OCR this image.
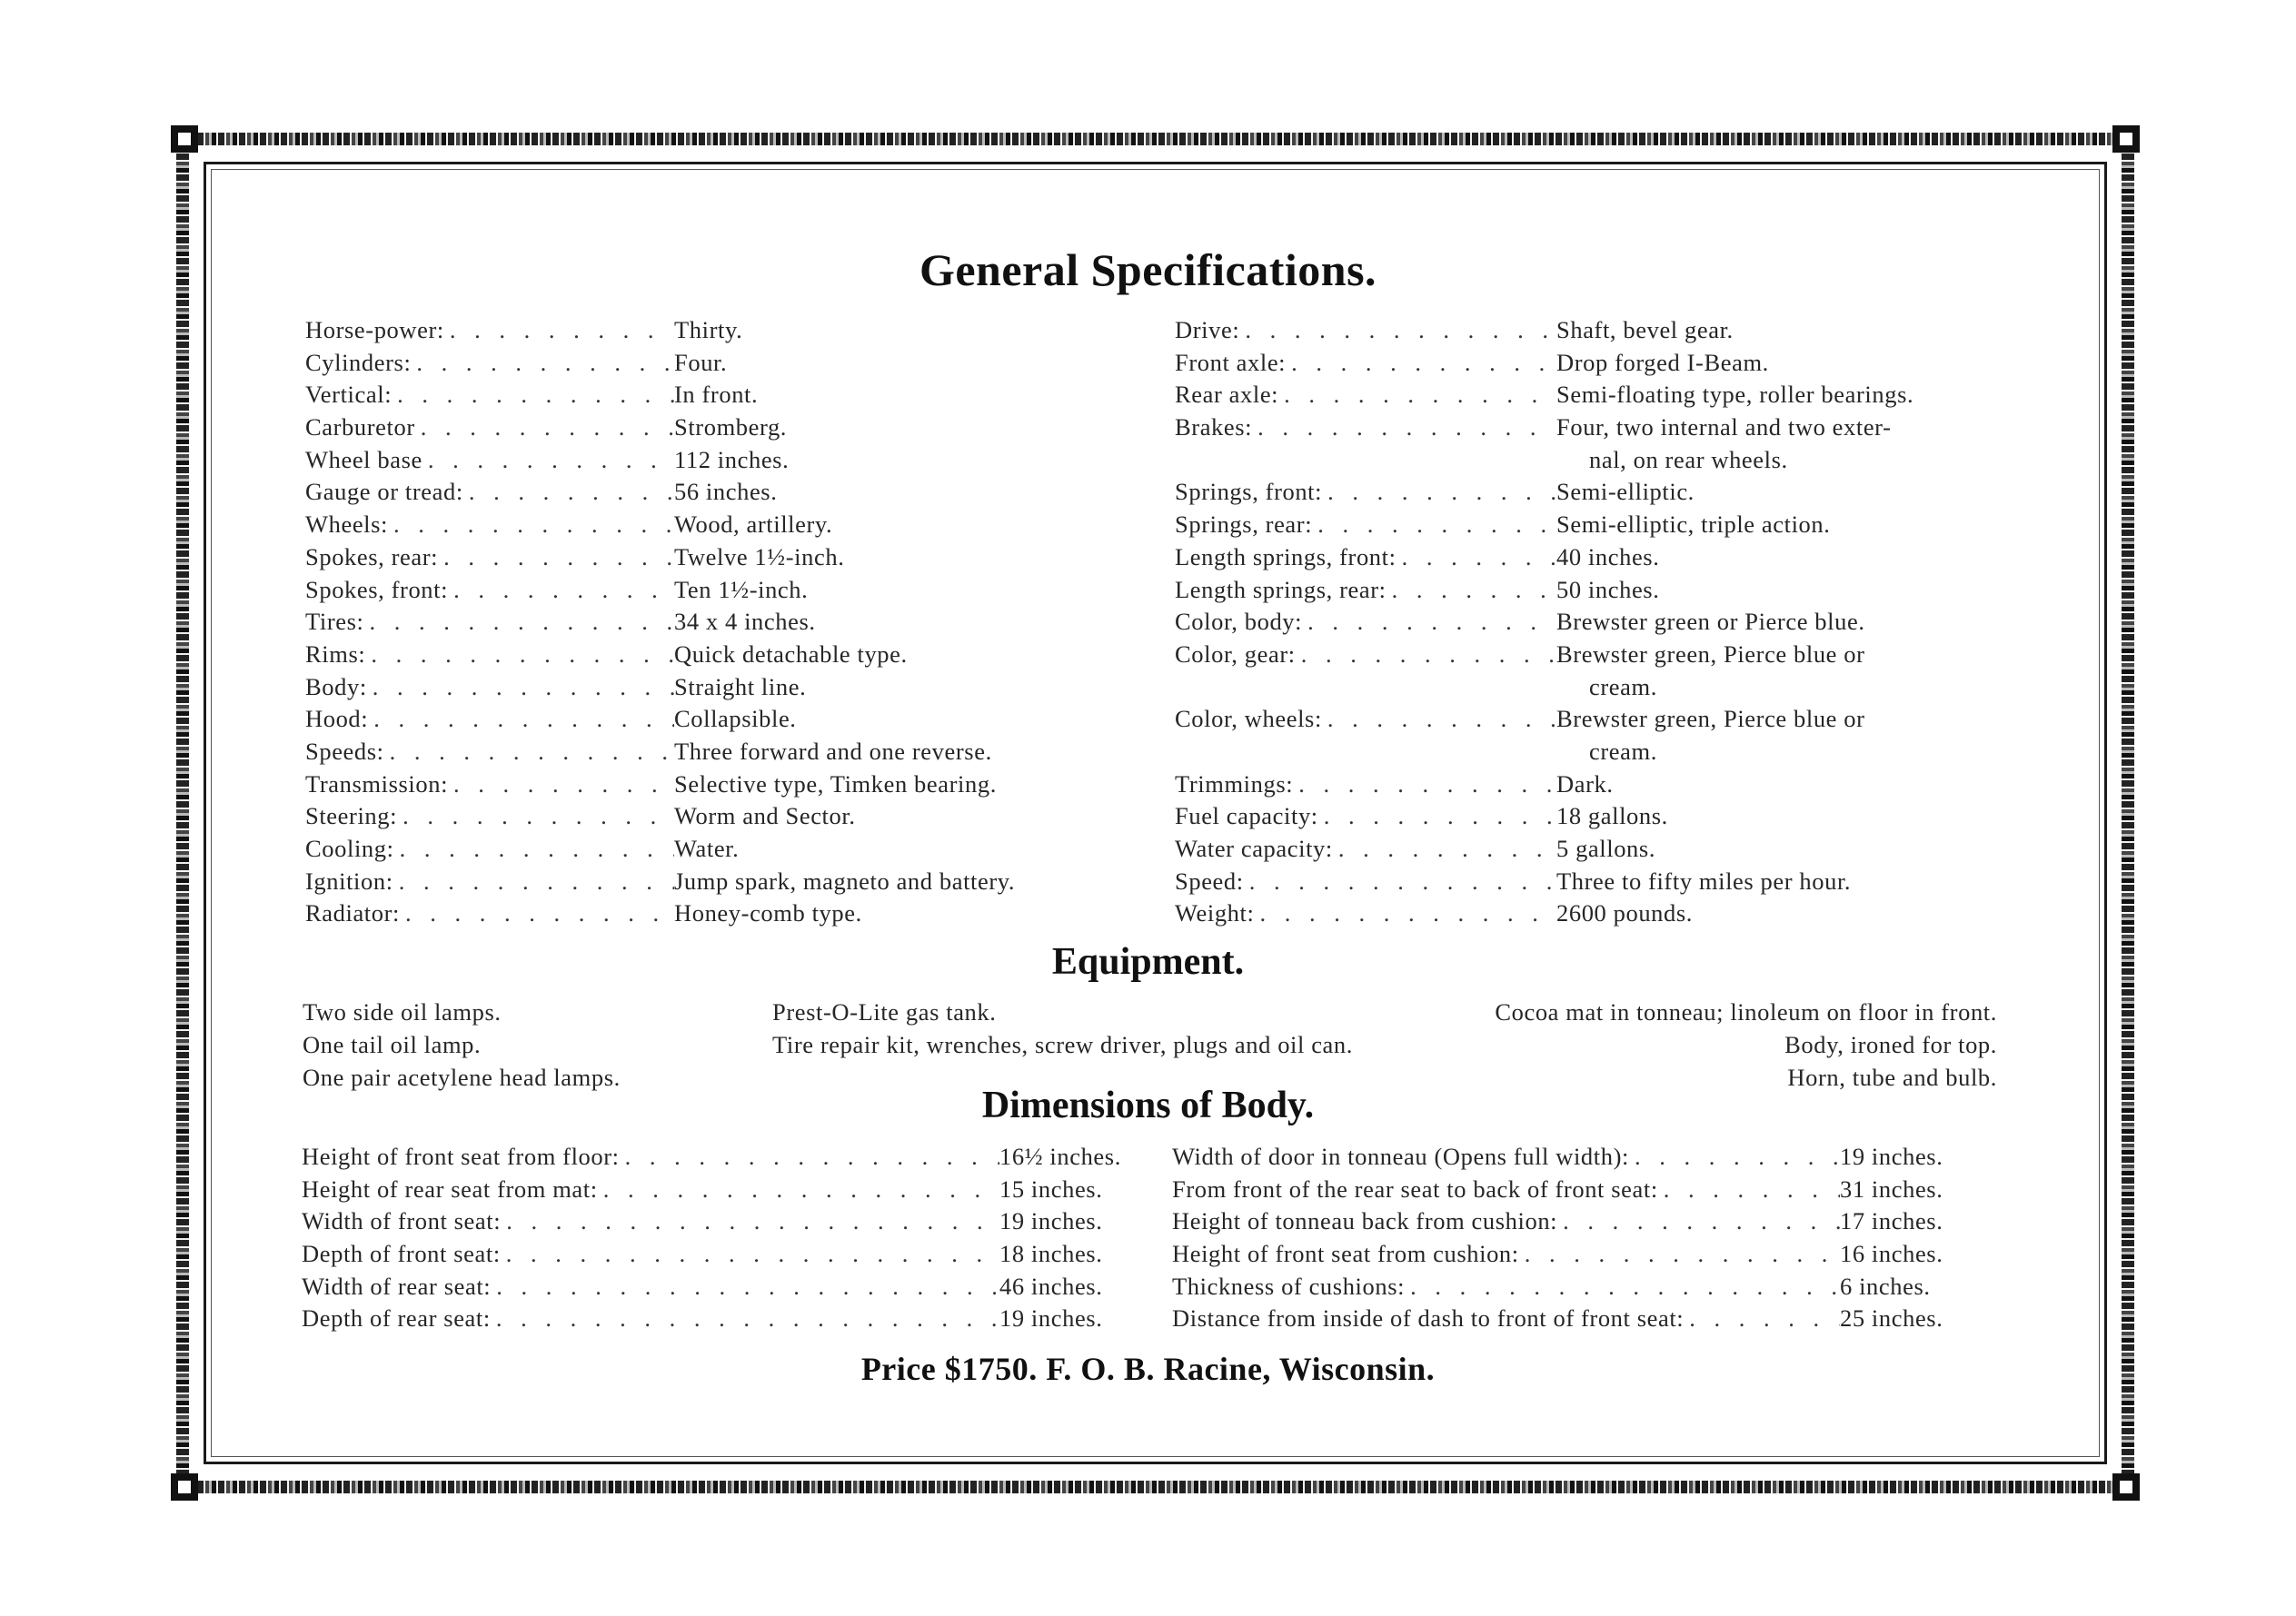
General Specifications.
Horse-power: . . .	Thirty.
Cylinders: . . .	Four.
Vertical: . . .	In front.
Carburetor . . .	Stromberg.
Wheel base . . .	112 inches.
Gauge or tread: . . .	56 inches.
Wheels: . . .	Wood, artillery.
Spokes, rear: . . .	Twelve 1½-inch.
Spokes, front: . . .	Ten 1½-inch.
Tires: . . .	34 x 4 inches.
Rims: . . .	Quick detachable type.
Body: . . .	Straight line.
Hood: . . .	Collapsible.
Speeds: . . .	Three forward and one reverse.
Transmission: . . .	Selective type, Timken bearing.
Steering: . . .	Worm and Sector.
Cooling: . . .	Water.
Ignition: . . .	Jump spark, magneto and battery.
Radiator: . . .	Honey-comb type.
Drive: . . .	Shaft, bevel gear.
Front axle: . . .	Drop forged I-Beam.
Rear axle: . . .	Semi-floating type, roller bearings.
Brakes: . . .	Four, two internal and two exter-
nal, on rear wheels.
Springs, front: . . .	Semi-elliptic.
Springs, rear: . . .	Semi-elliptic, triple action.
Length springs, front: . . .	40 inches.
Length springs, rear: . . .	50 inches.
Color, body: . . .	Brewster green or Pierce blue.
Color, gear: . . .	Brewster green, Pierce blue or
cream.
Color, wheels: . . .	Brewster green, Pierce blue or
cream.
Trimmings: . . .	Dark.
Fuel capacity: . . .	18 gallons.
Water capacity: . . .	5 gallons.
Speed: . . .	Three to fifty miles per hour.
Weight: . . .	2600 pounds.
Equipment.
Two side oil lamps.
One tail oil lamp.
One pair acetylene head lamps.
Prest-O-Lite gas tank.
Tire repair kit, wrenches, screw driver, plugs and oil can.
Cocoa mat in tonneau; linoleum on floor in front.
Body, ironed for top.
Horn, tube and bulb.
Dimensions of Body.
Height of front seat from floor: . . .	16½ inches.
Height of rear seat from mat: . . .	15 inches.
Width of front seat: . . .	19 inches.
Depth of front seat: . . .	18 inches.
Width of rear seat: . . .	46 inches.
Depth of rear seat: . . .	19 inches.
Width of door in tonneau (Opens full width): . . .	19 inches.
From front of the rear seat to back of front seat: . . .	31 inches.
Height of tonneau back from cushion: . . .	17 inches.
Height of front seat from cushion: . . .	16 inches.
Thickness of cushions: . . .	6 inches.
Distance from inside of dash to front of front seat: . . .	25 inches.
Price $1750. F. O. B. Racine, Wisconsin.
